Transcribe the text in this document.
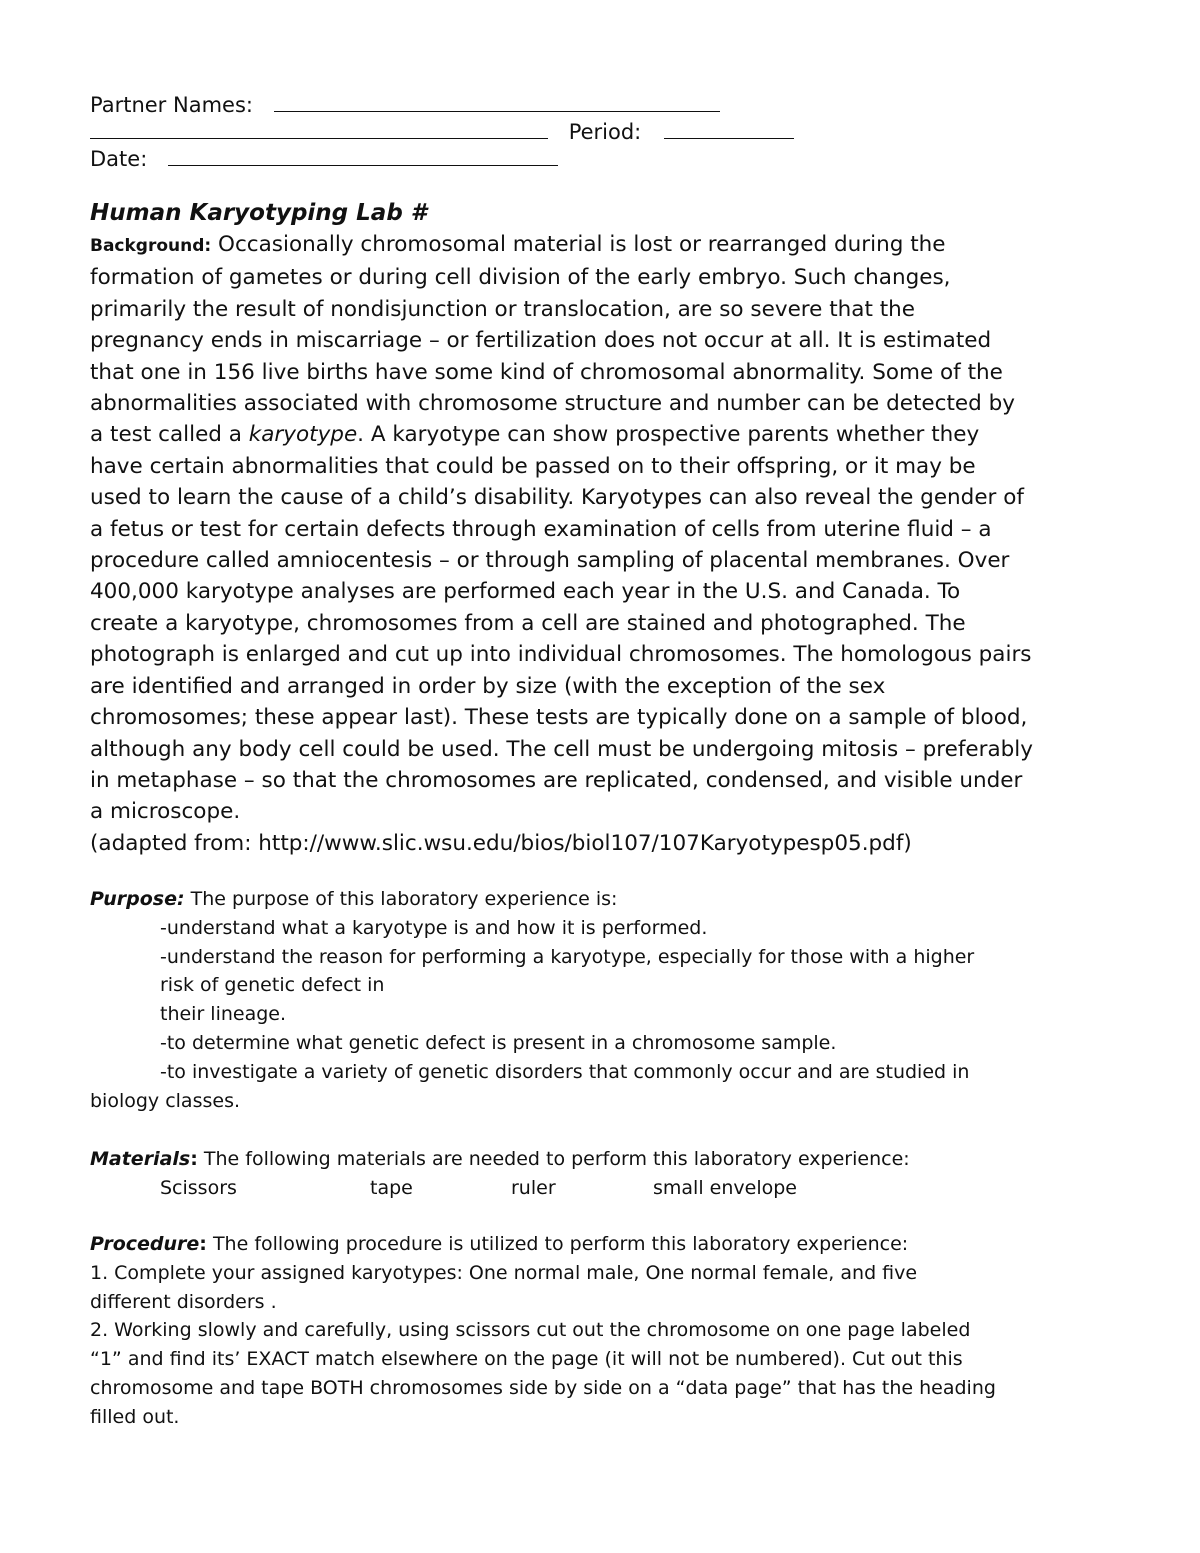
Partner Names:
Period:
Date:
Human Karyotyping Lab #
Background: Occasionally chromosomal material is lost or rearranged during the
formation of gametes or during cell division of the early embryo. Such changes,
primarily the result of nondisjunction or translocation, are so severe that the
pregnancy ends in miscarriage – or fertilization does not occur at all. It is estimated
that one in 156 live births have some kind of chromosomal abnormality. Some of the
abnormalities associated with chromosome structure and number can be detected by
a test called a karyotype. A karyotype can show prospective parents whether they
have certain abnormalities that could be passed on to their offspring, or it may be
used to learn the cause of a child’s disability. Karyotypes can also reveal the gender of
a fetus or test for certain defects through examination of cells from uterine fluid – a
procedure called amniocentesis – or through sampling of placental membranes. Over
400,000 karyotype analyses are performed each year in the U.S. and Canada. To
create a karyotype, chromosomes from a cell are stained and photographed. The
photograph is enlarged and cut up into individual chromosomes. The homologous pairs
are identified and arranged in order by size (with the exception of the sex
chromosomes; these appear last). These tests are typically done on a sample of blood,
although any body cell could be used. The cell must be undergoing mitosis – preferably
in metaphase – so that the chromosomes are replicated, condensed, and visible under
a microscope.
(adapted from: http://www.slic.wsu.edu/bios/biol107/107Karyotypesp05.pdf)
Purpose: The purpose of this laboratory experience is:
-understand what a karyotype is and how it is performed.
-understand the reason for performing a karyotype, especially for those with a higher
risk of genetic defect in
their lineage.
-to determine what genetic defect is present in a chromosome sample.
-to investigate a variety of genetic disorders that commonly occur and are studied in
biology classes.
Materials: The following materials are needed to perform this laboratory experience:
Scissors	tape	ruler	small envelope
Procedure: The following procedure is utilized to perform this laboratory experience:
1. Complete your assigned karyotypes: One normal male, One normal female, and five
different disorders .
2. Working slowly and carefully, using scissors cut out the chromosome on one page labeled
“1” and find its’ EXACT match elsewhere on the page (it will not be numbered). Cut out this
chromosome and tape BOTH chromosomes side by side on a “data page” that has the heading
filled out.
